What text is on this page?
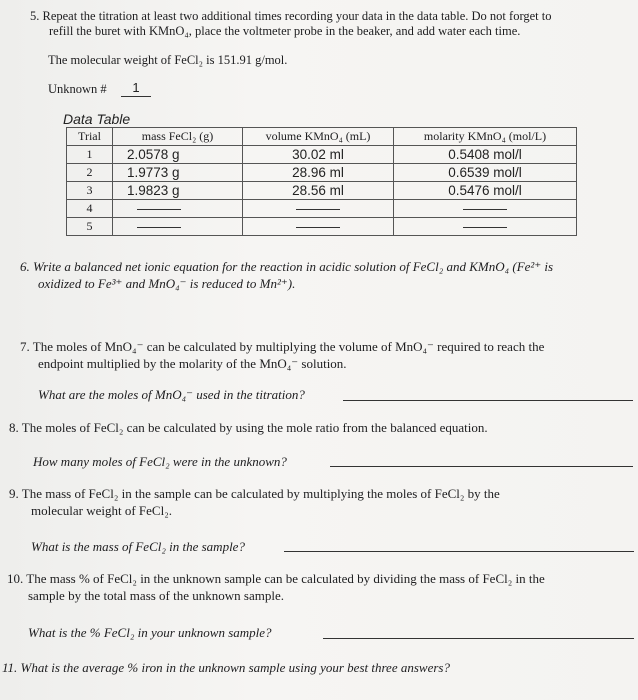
5. Repeat the titration at least two additional times recording your data in the data table. Do not forget to
refill the buret with KMnO₄, place the voltmeter probe in the beaker, and add water each time.
The molecular weight of FeCl₂ is 151.91 g/mol.
Unknown #	1
Data Table
Trial	mass FeCl₂ (g)	volume KMnO₄ (mL)	molarity KMnO₄ (mol/L)
1	2.0578 g	30.02 ml	0.5408 mol/l
2	1.9773 g	28.96 ml	0.6539 mol/l
3	1.9823 g	28.56 ml	0.5476 mol/l
4			
5			
6. Write a balanced net ionic equation for the reaction in acidic solution of FeCl₂ and KMnO₄ (Fe²⁺ is
oxidized to Fe³⁺ and MnO₄⁻ is reduced to Mn²⁺).
7. The moles of MnO₄⁻ can be calculated by multiplying the volume of MnO₄⁻ required to reach the
endpoint multiplied by the molarity of the MnO₄⁻ solution.
What are the moles of MnO₄⁻ used in the titration?
8. The moles of FeCl₂ can be calculated by using the mole ratio from the balanced equation.
How many moles of FeCl₂ were in the unknown?
9. The mass of FeCl₂ in the sample can be calculated by multiplying the moles of FeCl₂ by the
molecular weight of FeCl₂.
What is the mass of FeCl₂ in the sample?
10. The mass % of FeCl₂ in the unknown sample can be calculated by dividing the mass of FeCl₂ in the
sample by the total mass of the unknown sample.
What is the % FeCl₂ in your unknown sample?
11. What is the average % iron in the unknown sample using your best three answers?
